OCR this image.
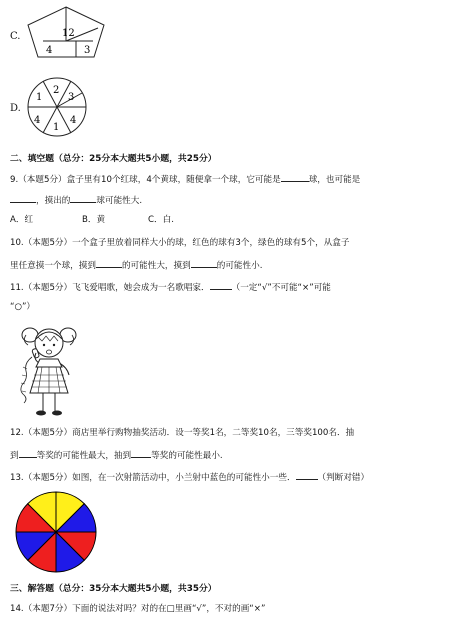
C.	12
4	3
D.
1
2
3
4
1
4
二、填空题（总分：25分本大题共5小题，共25分）
9.（本题5分）盒子里有10个红球，4个黄球，随便拿一个球，它可能是	球，也可能是
，摸出的	球可能性大.
A．红	B．黄	C．白.
10.（本题5分）一个盒子里放着同样大小的球，红色的球有3个，绿色的球有5个，从盒子
里任意摸一个球，摸到	的可能性大，摸到	的可能性小.
11.（本题5分）飞飞爱唱歌，她会成为一名歌唱家．	（一定“√”不可能“×”可能
“○”）
12.（本题5分）商店里举行购物抽奖活动．设一等奖1名，二等奖10名，三等奖100名．抽
到 等奖的可能性最大，抽到 等奖的可能性最小.
13.（本题5分）如图，在一次射箭活动中，小兰射中蓝色的可能性小一些．	（判断对错）
三、解答题（总分：35分本大题共5小题，共35分）
14.（本题7分）下面的说法对吗？对的在□里画“√”，不对的画“×”
